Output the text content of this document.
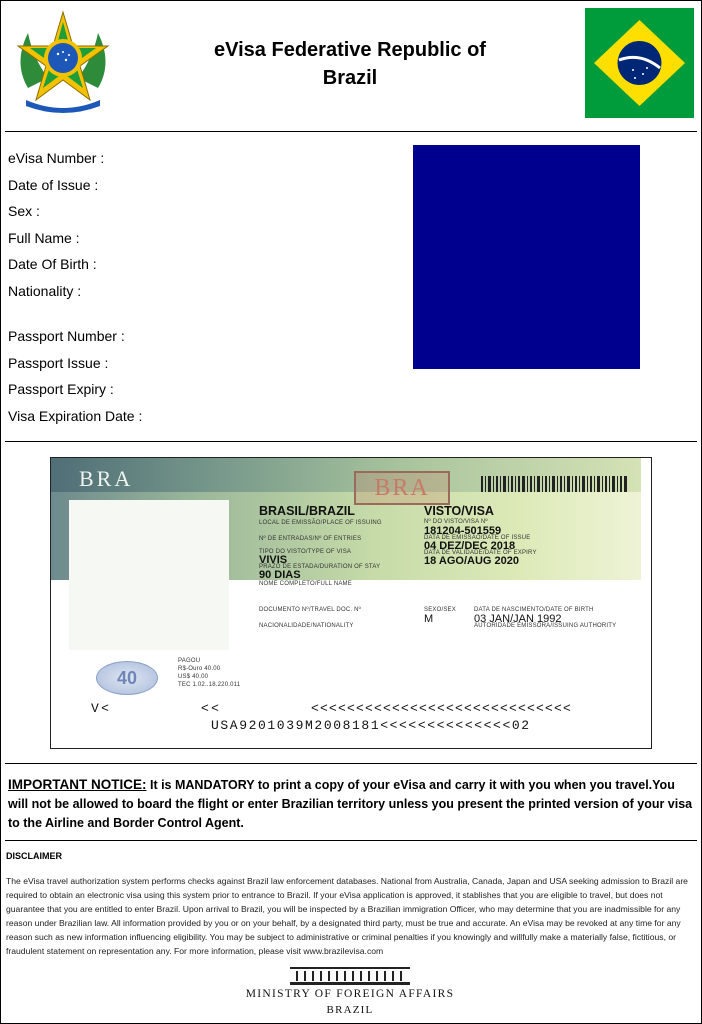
eVisa Federative Republic of
Brazil
eVisa Number :
Date of Issue :
Sex :
Full Name :
Date Of Birth :
Nationality :
Passport Number :
Passport Issue :
Passport Expiry :
Visa Expiration Date :
BRA	BRA
BRASIL/BRAZIL	VISTO/VISA
LOCAL DE EMISSÃO/PLACE OF ISSUING	Nº DO VISTO/VISA Nº
181204-501559
Nº DE ENTRADAS/Nº OF ENTRIES	DATA DE EMISSÃO/DATE OF ISSUE
04 DEZ/DEC 2018
TIPO DO VISTO/TYPE OF VISA
VIVIS
DATA DE VALIDADE/DATE OF EXPIRY
18 AGO/AUG 2020
PRAZO DE ESTADA/DURATION OF STAY
90 DIAS
NOME COMPLETO/FULL NAME
DOCUMENTO Nº/TRAVEL DOC. Nº	SEXO/SEX
M
DATA DE NASCIMENTO/DATE OF BIRTH
03 JAN/JAN 1992
NACIONALIDADE/NATIONALITY	AUTORIDADE EMISSORA/ISSUING AUTHORITY
40
PAGOU
R$-Ouro 40.00
US$ 40.00
TEC 1.02..18.220.011
V<	<<	<<<<<<<<<<<<<<<<<<<<<<<<<<<<<
USA9201039M2008181<<<<<<<<<<<<<<02
IMPORTANT NOTICE: It is MANDATORY to print a copy of your eVisa and carry it with you when you travel.You will not be allowed to board the flight or enter Brazilian territory unless you present the printed version of your visa to the Airline and Border Control Agent.
DISCLAIMER
The eVisa travel authorization system performs checks against Brazil law enforcement databases. National from Australia, Canada, Japan and USA seeking admission to Brazil are required to obtain an electronic visa using this system prior to entrance to Brazil. If your eVisa application is approved, it stablishes that you are eligible to travel, but does not guarantee that you are entitled to enter Brazil. Upon arrival to Brazil, you will be inspected by a Brazilian immigration Officer, who may determine that you are inadmissible for any reason under Brazilian law. All information provided by you or on your behalf, by a designated third party, must be true and accurate. An eVisa may be revoked at any time for any reason such as new information influencing eligibility. You may be subject to administrative or criminal penalties if you knowingly and willfully make a materially false, fictitious, or fraudulent statement on representation any. For more information, please visit www.brazilevisa.com
MINISTRY OF FOREIGN AFFAIRS
BRAZIL
